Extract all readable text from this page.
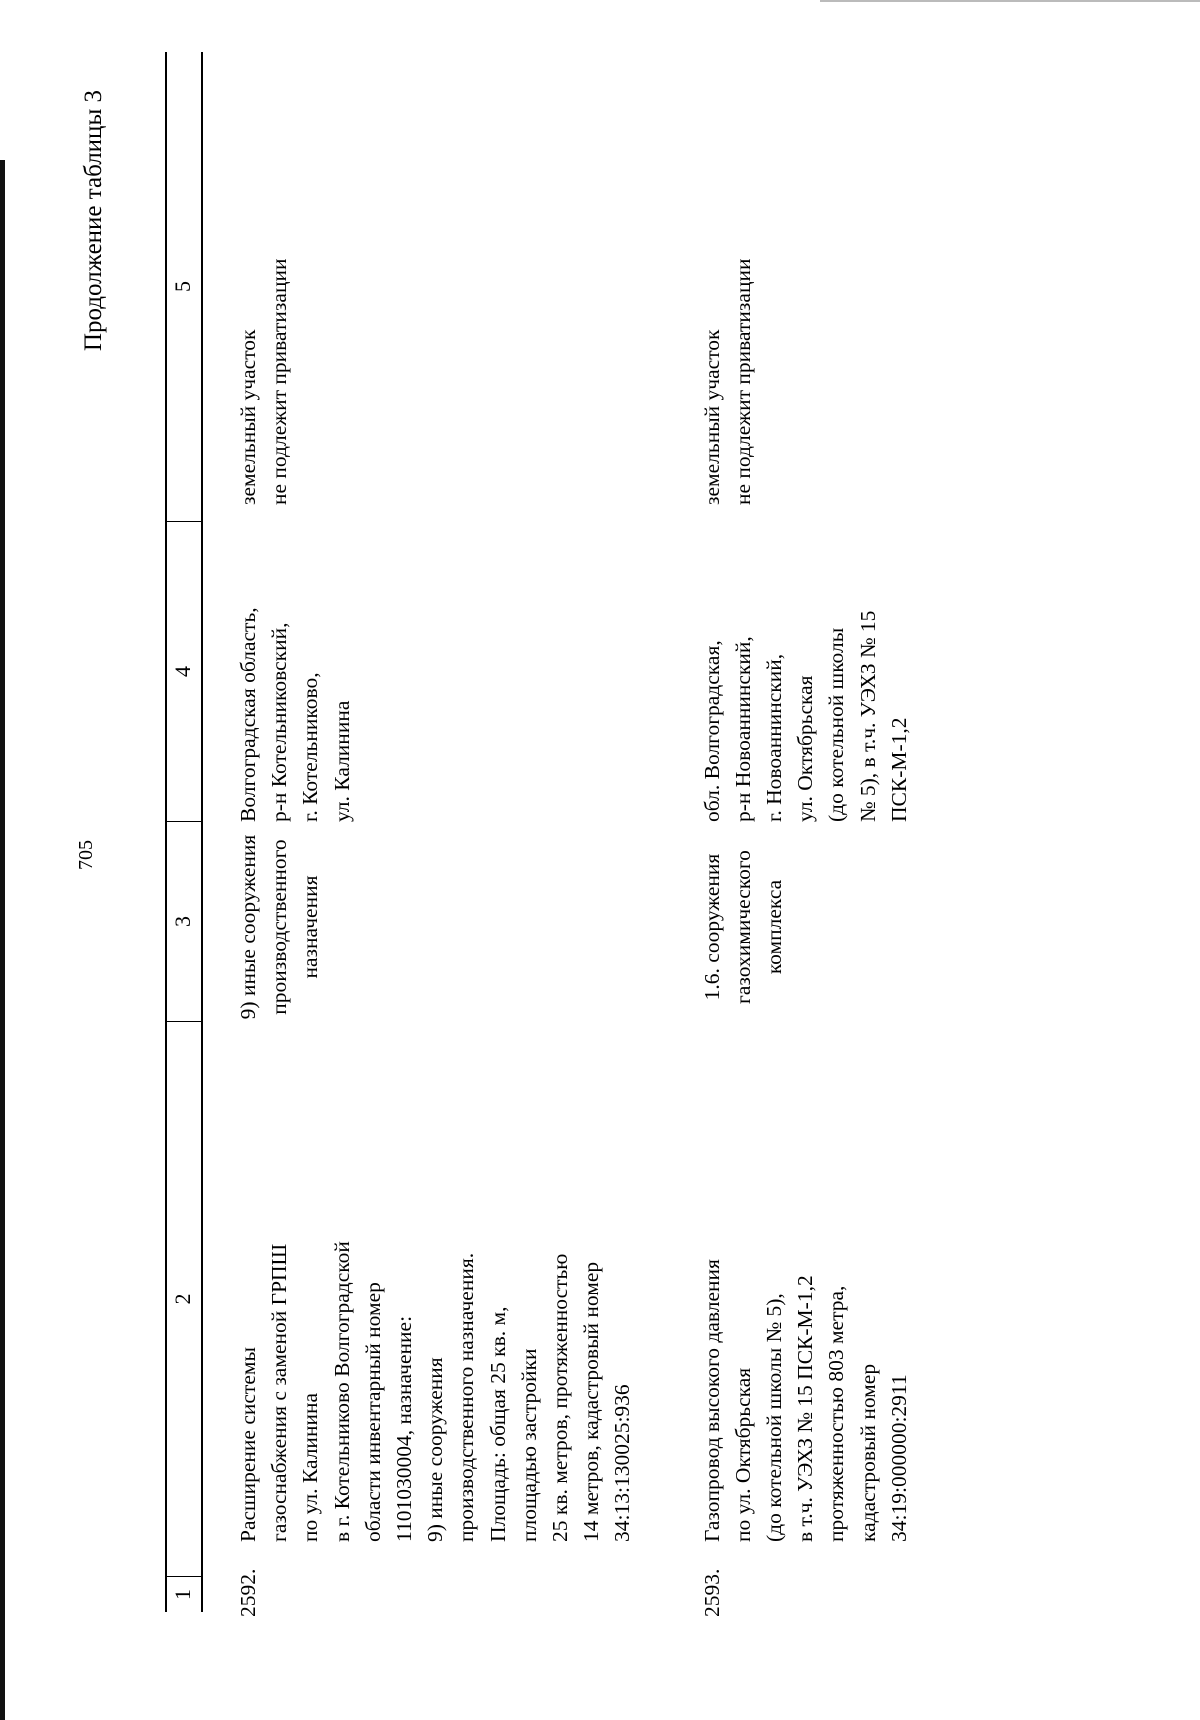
705
Продолжение таблицы 3
1
2
3
4
5
2592.
Расширение системы газоснабжения с заменой ГРПШ по ул. Калинина в г. Котельниково Волгоградской области инвентарный номер 1101030004, назначение: 9) иные сооружения производственного назначения. Площадь: общая 25 кв. м, площадью застройки 25 кв. метров, протяженностью 14 метров, кадастровый номер 34:13:130025:936
9) иные сооружения производственного назначения
Волгоградская область, р-н Котельниковский, г. Котельниково, ул. Калинина
земельный участок не подлежит приватизации
2593.
Газопровод высокого давления по ул. Октябрьская (до котельной школы № 5), в т.ч. УЭХЗ № 15 ПСК-М-1,2 протяженностью 803 метра, кадастровый номер 34:19:000000:2911
1.6. сооружения газохимического комплекса
обл. Волгоградская, р-н Новоаннинский, г. Новоаннинский, ул. Октябрьская (до котельной школы № 5), в т.ч. УЭХЗ № 15 ПСК-М-1,2
земельный участок не подлежит приватизации
